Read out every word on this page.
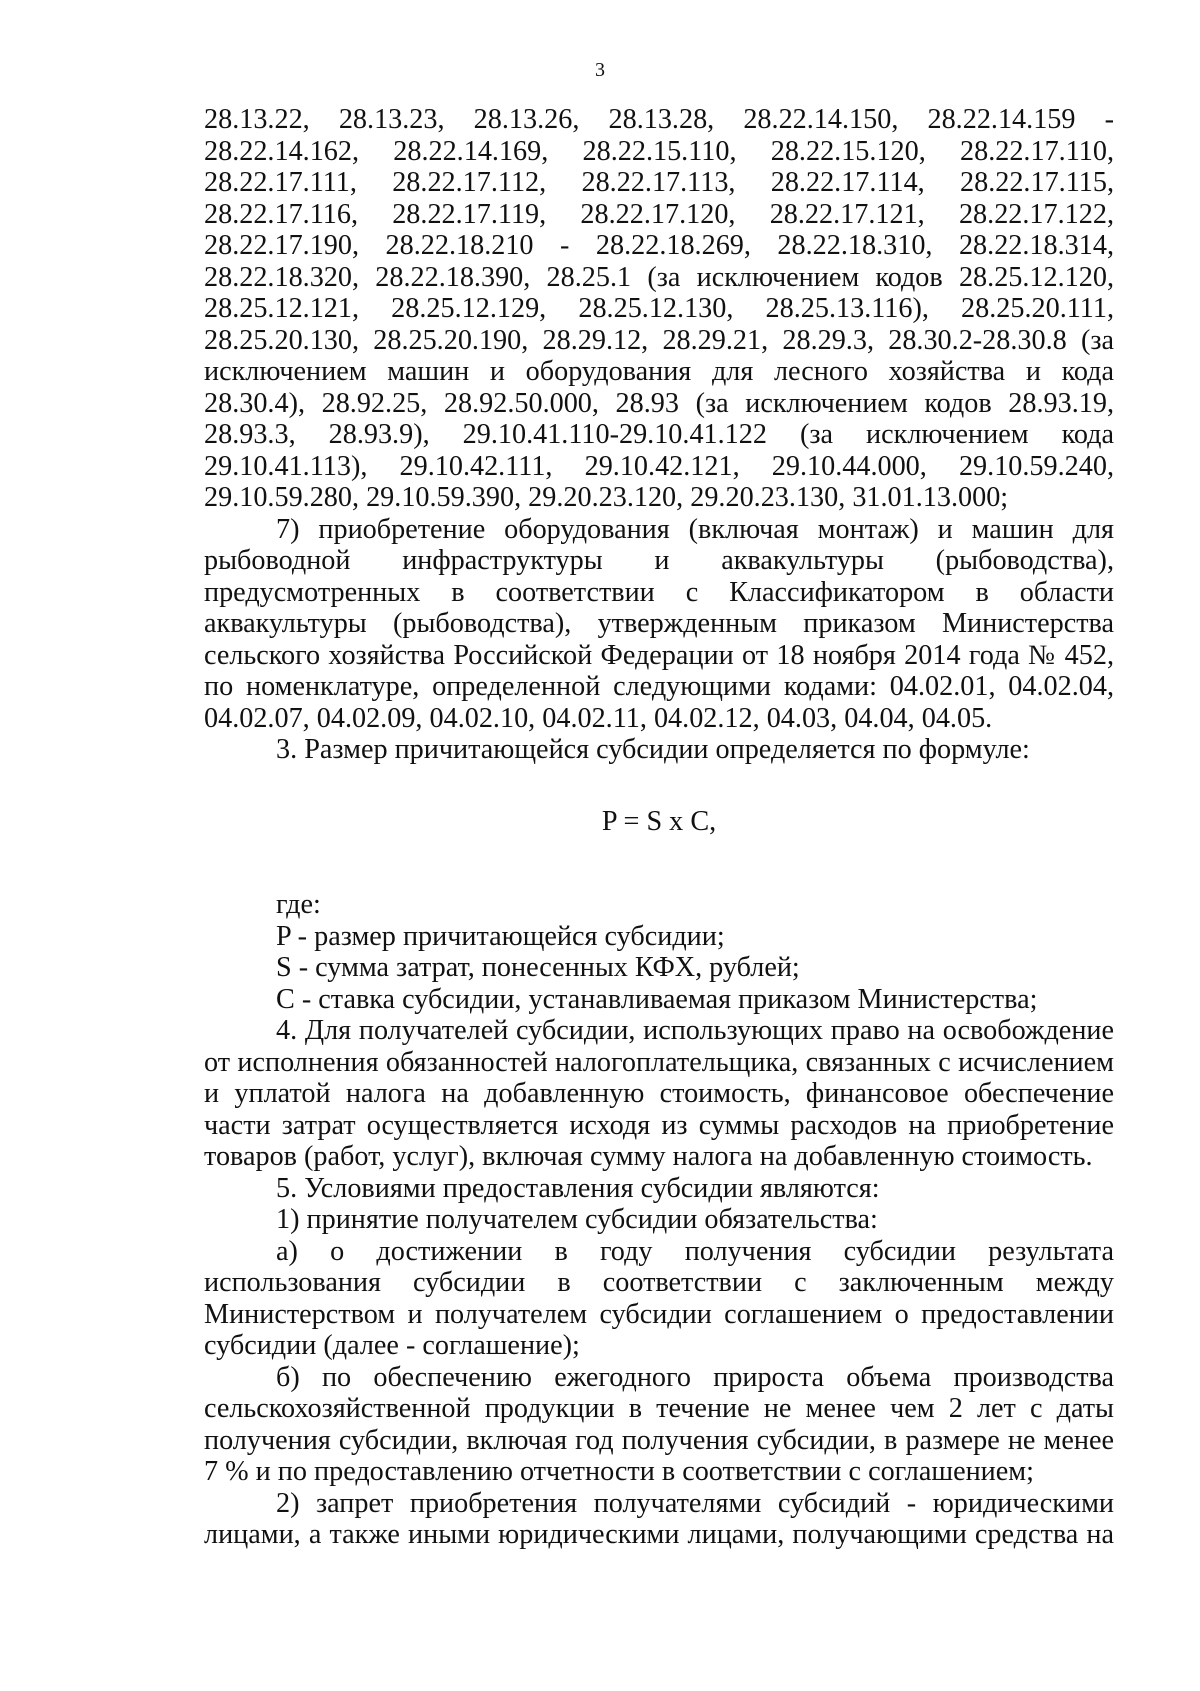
3
28.13.22, 28.13.23, 28.13.26, 28.13.28, 28.22.14.150, 28.22.14.159 -
28.22.14.162, 28.22.14.169, 28.22.15.110, 28.22.15.120, 28.22.17.110,
28.22.17.111, 28.22.17.112, 28.22.17.113, 28.22.17.114, 28.22.17.115,
28.22.17.116, 28.22.17.119, 28.22.17.120, 28.22.17.121, 28.22.17.122,
28.22.17.190, 28.22.18.210 - 28.22.18.269, 28.22.18.310, 28.22.18.314,
28.22.18.320, 28.22.18.390, 28.25.1 (за исключением кодов 28.25.12.120,
28.25.12.121, 28.25.12.129, 28.25.12.130, 28.25.13.116), 28.25.20.111,
28.25.20.130, 28.25.20.190, 28.29.12, 28.29.21, 28.29.3, 28.30.2-28.30.8 (за
исключением машин и оборудования для лесного хозяйства и кода
28.30.4), 28.92.25, 28.92.50.000, 28.93 (за исключением кодов 28.93.19,
28.93.3, 28.93.9), 29.10.41.110-29.10.41.122 (за исключением кода
29.10.41.113), 29.10.42.111, 29.10.42.121, 29.10.44.000, 29.10.59.240,
29.10.59.280, 29.10.59.390, 29.20.23.120, 29.20.23.130, 31.01.13.000;
7) приобретение оборудования (включая монтаж) и машин для
рыбоводной инфраструктуры и аквакультуры (рыбоводства),
предусмотренных в соответствии с Классификатором в области
аквакультуры (рыбоводства), утвержденным приказом Министерства
сельского хозяйства Российской Федерации от 18 ноября 2014 года № 452,
по номенклатуре, определенной следующими кодами: 04.02.01, 04.02.04,
04.02.07, 04.02.09, 04.02.10, 04.02.11, 04.02.12, 04.03, 04.04, 04.05.
3. Размер причитающейся субсидии определяется по формуле:
P = S x C,
где:
P - размер причитающейся субсидии;
S - сумма затрат, понесенных КФХ, рублей;
C - ставка субсидии, устанавливаемая приказом Министерства;
4. Для получателей субсидии, использующих право на освобождение
от исполнения обязанностей налогоплательщика, связанных с исчислением
и уплатой налога на добавленную стоимость, финансовое обеспечение
части затрат осуществляется исходя из суммы расходов на приобретение
товаров (работ, услуг), включая сумму налога на добавленную стоимость.
5. Условиями предоставления субсидии являются:
1) принятие получателем субсидии обязательства:
а) о достижении в году получения субсидии результата
использования субсидии в соответствии с заключенным между
Министерством и получателем субсидии соглашением о предоставлении
субсидии (далее - соглашение);
б) по обеспечению ежегодного прироста объема производства
сельскохозяйственной продукции в течение не менее чем 2 лет с даты
получения субсидии, включая год получения субсидии, в размере не менее
7 % и по предоставлению отчетности в соответствии с соглашением;
2) запрет приобретения получателями субсидий - юридическими
лицами, а также иными юридическими лицами, получающими средства на
